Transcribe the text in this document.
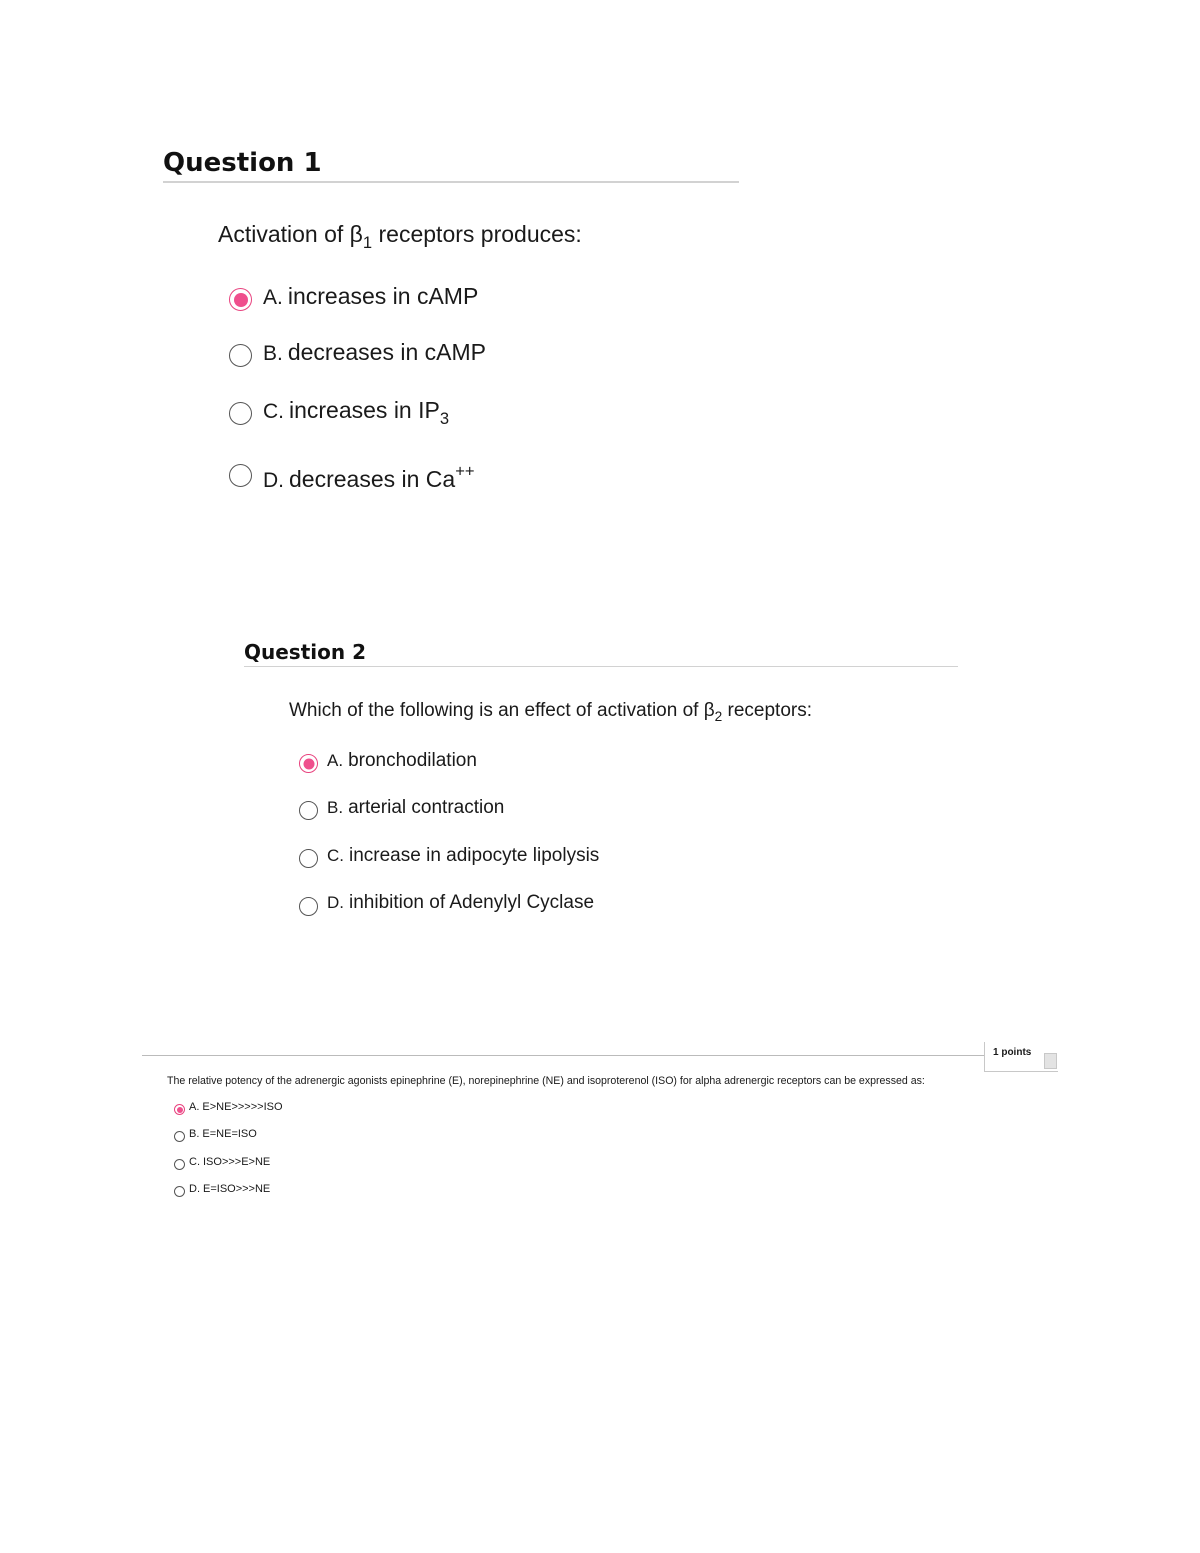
Question 1
Activation of $\beta_1$ receptors produces:
A. increases in cAMP
B. decreases in cAMP
C. increases in $IP_3$
D. decreases in Ca++
Question 2
Which of the following is an effect of activation of $\beta_2$ receptors:
A. bronchodilation
B. arterial contraction
C. increase in adipocyte lipolysis
D. inhibition of Adenylyl Cyclase
1 points
The relative potency of the adrenergic agonists epinephrine (E), norepinephrine (NE) and isoproterenol (ISO) for alpha adrenergic receptors can be expressed as:
A. E>NE>>>>>ISO
B. E=NE=ISO
C. ISO>>>E>NE
D. E=ISO>>>NE
